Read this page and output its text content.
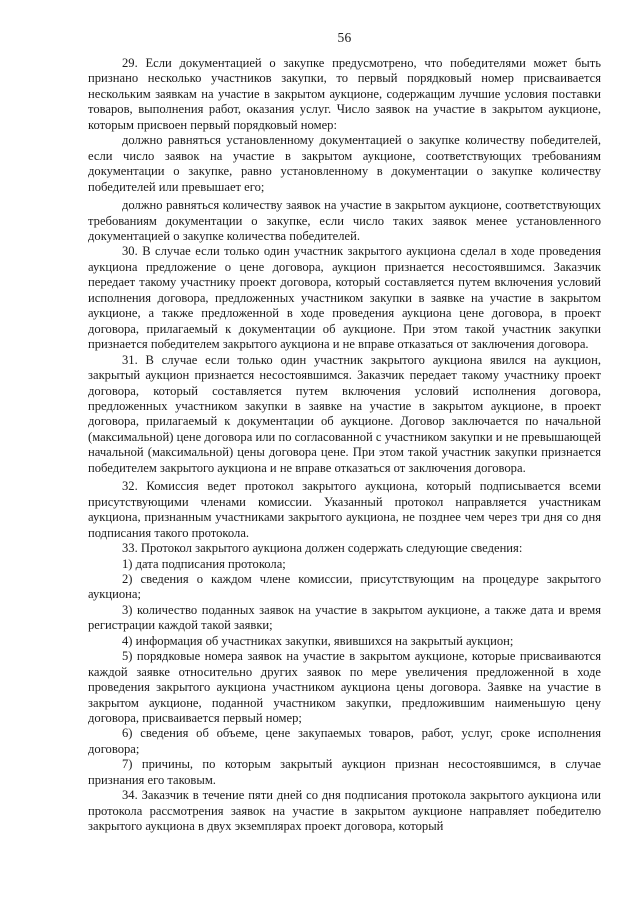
56

29. Если документацией о закупке предусмотрено, что победителями может быть признано несколько участников закупки, то первый порядковый номер присваивается нескольким заявкам на участие в закрытом аукционе, содержащим лучшие условия поставки товаров, выполнения работ, оказания услуг. Число заявок на участие в закрытом аукционе, которым присвоен первый порядковый номер:

должно равняться установленному документацией о закупке количеству победителей, если число заявок на участие в закрытом аукционе, соответствующих требованиям документации о закупке, равно установленному в документации о закупке количеству победителей или превышает его;

должно равняться количеству заявок на участие в закрытом аукционе, соответствующих требованиям документации о закупке, если число таких заявок менее установленного документацией о закупке количества победителей.

30. В случае если только один участник закрытого аукциона сделал в ходе проведения аукциона предложение о цене договора, аукцион признается несостоявшимся. Заказчик передает такому участнику проект договора, который составляется путем включения условий исполнения договора, предложенных участником закупки в заявке на участие в закрытом аукционе, а также предложенной в ходе проведения аукциона цене договора, в проект договора, прилагаемый к документации об аукционе. При этом такой участник закупки признается победителем закрытого аукциона и не вправе отказаться от заключения договора.

31. В случае если только один участник закрытого аукциона явился на аукцион, закрытый аукцион признается несостоявшимся. Заказчик передает такому участнику проект договора, который составляется путем включения условий исполнения договора, предложенных участником закупки в заявке на участие в закрытом аукционе, в проект договора, прилагаемый к документации об аукционе. Договор заключается по начальной (максимальной) цене договора или по согласованной с участником закупки и не превышающей начальной (максимальной) цены договора цене. При этом такой участник закупки признается победителем закрытого аукциона и не вправе отказаться от заключения договора.

32. Комиссия ведет протокол закрытого аукциона, который подписывается всеми присутствующими членами комиссии. Указанный протокол направляется участникам аукциона, признанным участниками закрытого аукциона, не позднее чем через три дня со дня подписания такого протокола.

33. Протокол закрытого аукциона должен содержать следующие сведения:

1) дата подписания протокола;

2) сведения о каждом члене комиссии, присутствующим на процедуре закрытого аукциона;

3) количество поданных заявок на участие в закрытом аукционе, а также дата и время регистрации каждой такой заявки;

4) информация об участниках закупки, явившихся на закрытый аукцион;

5) порядковые номера заявок на участие в закрытом аукционе, которые присваиваются каждой заявке относительно других заявок по мере увеличения предложенной в ходе проведения закрытого аукциона участником аукциона цены договора. Заявке на участие в закрытом аукционе, поданной участником закупки, предложившим наименьшую цену договора, присваивается первый номер;

6) сведения об объеме, цене закупаемых товаров, работ, услуг, сроке исполнения договора;

7) причины, по которым закрытый аукцион признан несостоявшимся, в случае признания его таковым.

34. Заказчик в течение пяти дней со дня подписания протокола закрытого аукциона или протокола рассмотрения заявок на участие в закрытом аукционе направляет победителю закрытого аукциона в двух экземплярах проект договора, который
